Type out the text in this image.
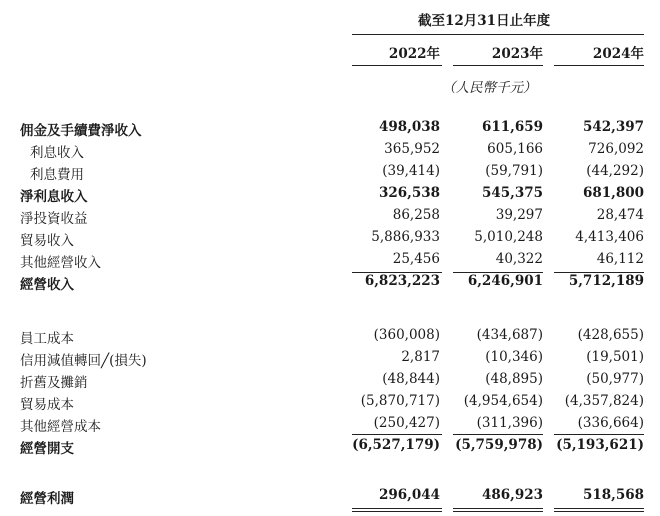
截至12月31日止年度
2022年	2023年	2024年
（人民幣千元）
佣金及手續費淨收入	498,038	611,659	542,397
利息收入	365,952	605,166	726,092
利息費用	(39,414)	(59,791)	(44,292)
淨利息收入	326,538	545,375	681,800
淨投資收益	86,258	39,297	28,474
貿易收入	5,886,933	5,010,248	4,413,406
其他經營收入	25,456	40,322	46,112
經營收入	6,823,223	6,246,901	5,712,189
員工成本	(360,008)	(434,687)	(428,655)
信用減值轉回╱(損失)	2,817	(10,346)	(19,501)
折舊及攤銷	(48,844)	(48,895)	(50,977)
貿易成本	(5,870,717)	(4,954,654)	(4,357,824)
其他經營成本	(250,427)	(311,396)	(336,664)
經營開支	(6,527,179)	(5,759,978) (5,193,621)
經營利潤	296,044	486,923	518,568
